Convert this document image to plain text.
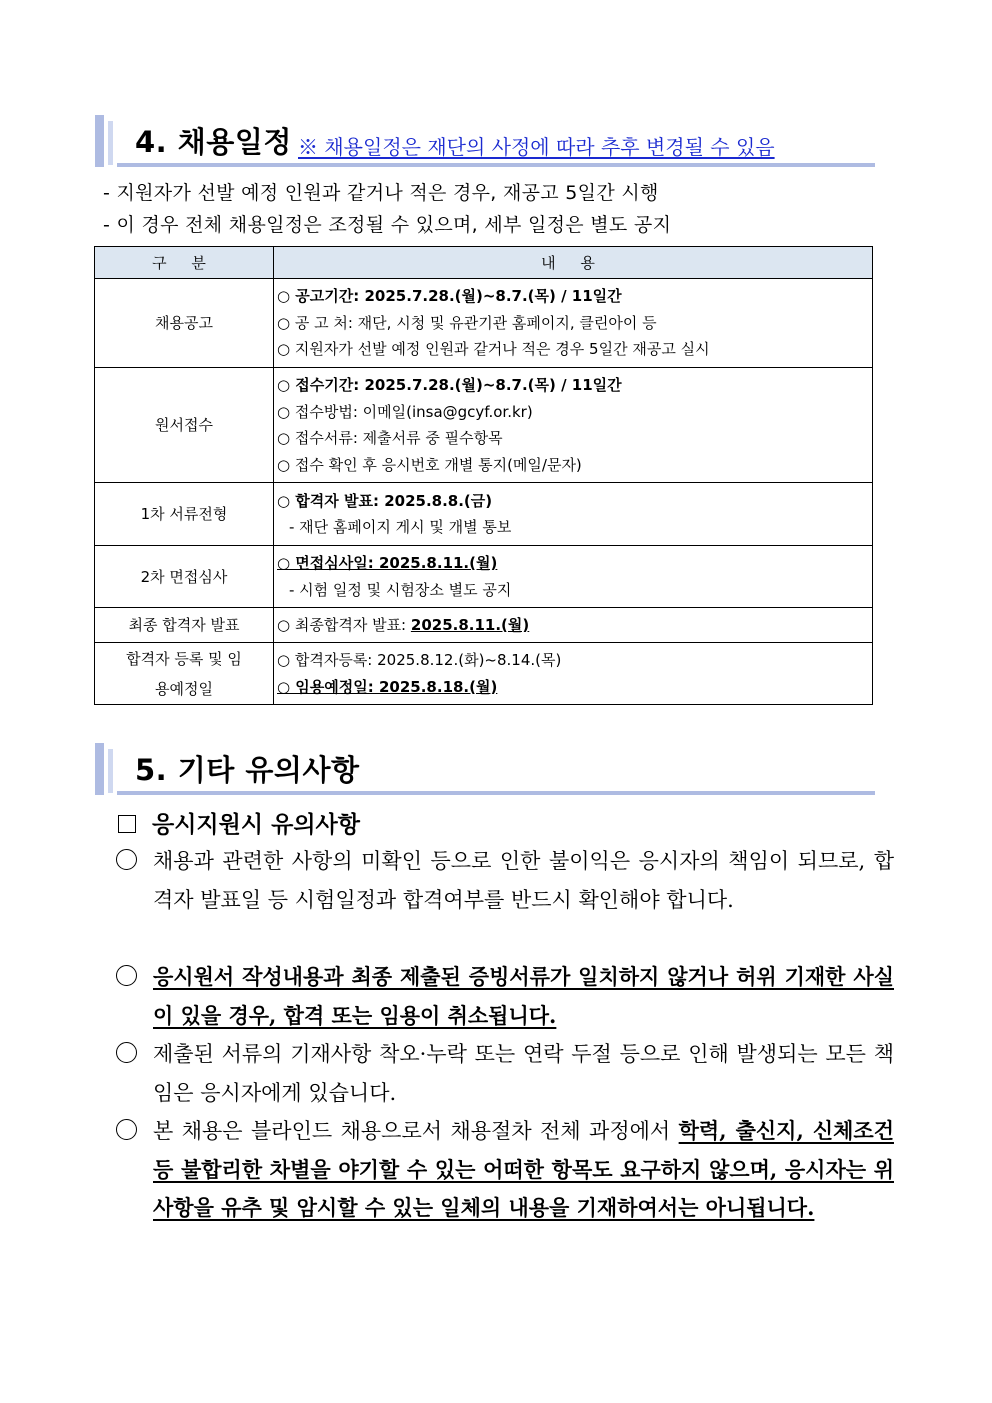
4. 채용일정 ※ 채용일정은 재단의 사정에 따라 추후 변경될 수 있음
- 지원자가 선발 예정 인원과 같거나 적은 경우, 재공고 5일간 시행
- 이 경우 전체 채용일정은 조정될 수 있으며, 세부 일정은 별도 공지
구 분	내 용
채용공고	○ 공고기간: 2025.7.28.(월)~8.7.(목) / 11일간
○ 공 고 처: 재단, 시청 및 유관기관 홈페이지, 클린아이 등
○ 지원자가 선발 예정 인원과 같거나 적은 경우 5일간 재공고 실시

원서접수	○ 접수기간: 2025.7.28.(월)~8.7.(목) / 11일간
○ 접수방법: 이메일(insa@gcyf.or.kr)
○ 접수서류: 제출서류 중 필수항목
○ 접수 확인 후 응시번호 개별 통지(메일/문자)

1차 서류전형	○ 합격자 발표: 2025.8.8.(금)
- 재단 홈페이지 게시 및 개별 통보

2차 면접심사	○ 면접심사일: 2025.8.11.(월)
- 시험 일정 및 시험장소 별도 공지

최종 합격자 발표	○ 최종합격자 발표: 2025.8.11.(월)

합격자 등록 및 임용예정일	○ 합격자등록: 2025.8.12.(화)~8.14.(목)
○ 임용예정일: 2025.8.18.(월)
5. 기타 유의사항
응시지원시 유의사항
채용과 관련한 사항의 미확인 등으로 인한 불이익은 응시자의 책임이 되므로, 합격자 발표일 등 시험일정과 합격여부를 반드시 확인해야 합니다.
응시원서 작성내용과 최종 제출된 증빙서류가 일치하지 않거나 허위 기재한 사실이 있을 경우, 합격 또는 임용이 취소됩니다.
제출된 서류의 기재사항 착오·누락 또는 연락 두절 등으로 인해 발생되는 모든 책임은 응시자에게 있습니다.
본 채용은 블라인드 채용으로서 채용절차 전체 과정에서 학력, 출신지, 신체조건 등 불합리한 차별을 야기할 수 있는 어떠한 항목도 요구하지 않으며, 응시자는 위 사항을 유추 및 암시할 수 있는 일체의 내용을 기재하여서는 아니됩니다.
